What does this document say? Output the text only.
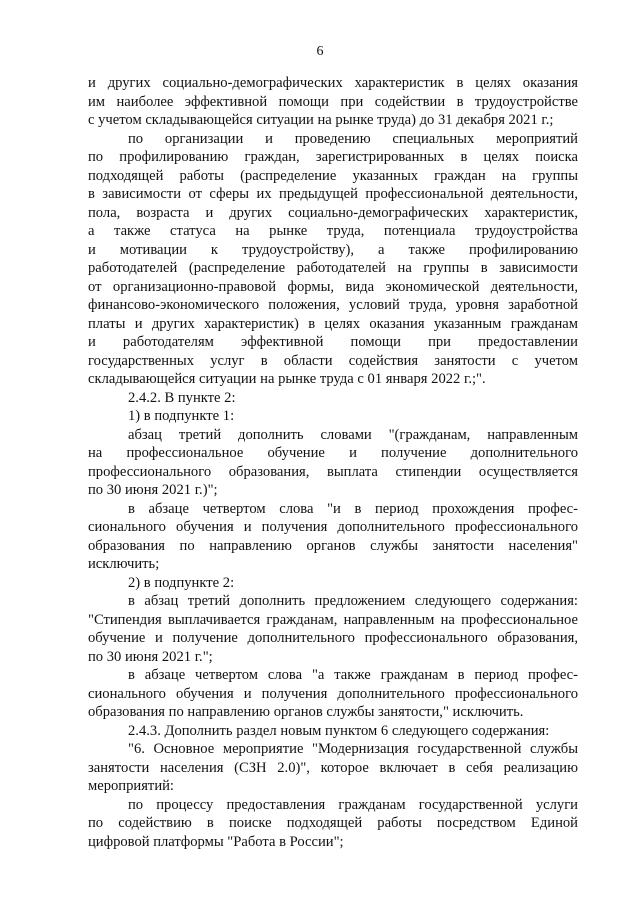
6
и других социально-демографических характеристик в целях оказания
им наиболее эффективной помощи при содействии в трудоустройстве
с учетом складывающейся ситуации на рынке труда) до 31 декабря 2021 г.;
по организации и проведению специальных мероприятий
по профилированию граждан, зарегистрированных в целях поиска
подходящей работы (распределение указанных граждан на группы
в зависимости от сферы их предыдущей профессиональной деятельности,
пола, возраста и других социально-демографических характеристик,
а также статуса на рынке труда, потенциала трудоустройства
и мотивации к трудоустройству), а также профилированию
работодателей (распределение работодателей на группы в зависимости
от организационно-правовой формы, вида экономической деятельности,
финансово-экономического положения, условий труда, уровня заработной
платы и других характеристик) в целях оказания указанным гражданам
и работодателям эффективной помощи при предоставлении
государственных услуг в области содействия занятости с учетом
складывающейся ситуации на рынке труда с 01 января 2022 г.;".
2.4.2. В пункте 2:
1) в подпункте 1:
абзац третий дополнить словами "(гражданам, направленным
на профессиональное обучение и получение дополнительного
профессионального образования, выплата стипендии осуществляется
по 30 июня 2021 г.)";
в абзаце четвертом слова "и в период прохождения профес-
сионального обучения и получения дополнительного профессионального
образования по направлению органов службы занятости населения"
исключить;
2) в подпункте 2:
в абзац третий дополнить предложением следующего содержания:
"Стипендия выплачивается гражданам, направленным на профессиональное
обучение и получение дополнительного профессионального образования,
по 30 июня 2021 г.";
в абзаце четвертом слова "а также гражданам в период профес-
сионального обучения и получения дополнительного профессионального
образования по направлению органов службы занятости," исключить.
2.4.3. Дополнить раздел новым пунктом 6 следующего содержания:
"6. Основное мероприятие "Модернизация государственной службы
занятости населения (СЗН 2.0)", которое включает в себя реализацию
мероприятий:
по процессу предоставления гражданам государственной услуги
по содействию в поиске подходящей работы посредством Единой
цифровой платформы "Работа в России";
